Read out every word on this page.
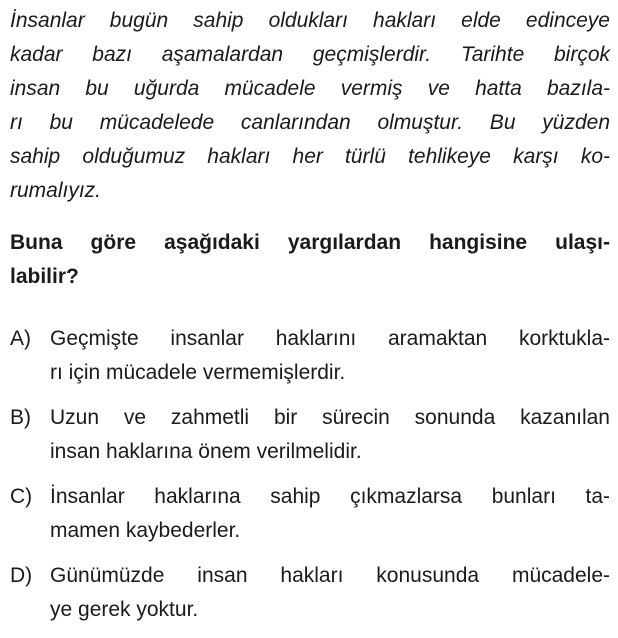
İnsanlar bugün sahip oldukları hakları elde edinceye
kadar bazı aşamalardan geçmişlerdir. Tarihte birçok
insan bu uğurda mücadele vermiş ve hatta bazıla-
rı bu mücadelede canlarından olmuştur. Bu yüzden
sahip olduğumuz hakları her türlü tehlikeye karşı ko-
rumalıyız.
Buna göre aşağıdaki yargılardan hangisine ulaşı-
labilir?
A) Geçmişte insanlar haklarını aramaktan korktukla-
rı için mücadele vermemişlerdir.
B) Uzun ve zahmetli bir sürecin sonunda kazanılan
insan haklarına önem verilmelidir.
C) İnsanlar haklarına sahip çıkmazlarsa bunları ta-
mamen kaybederler.
D) Günümüzde insan hakları konusunda mücadele-
ye gerek yoktur.
